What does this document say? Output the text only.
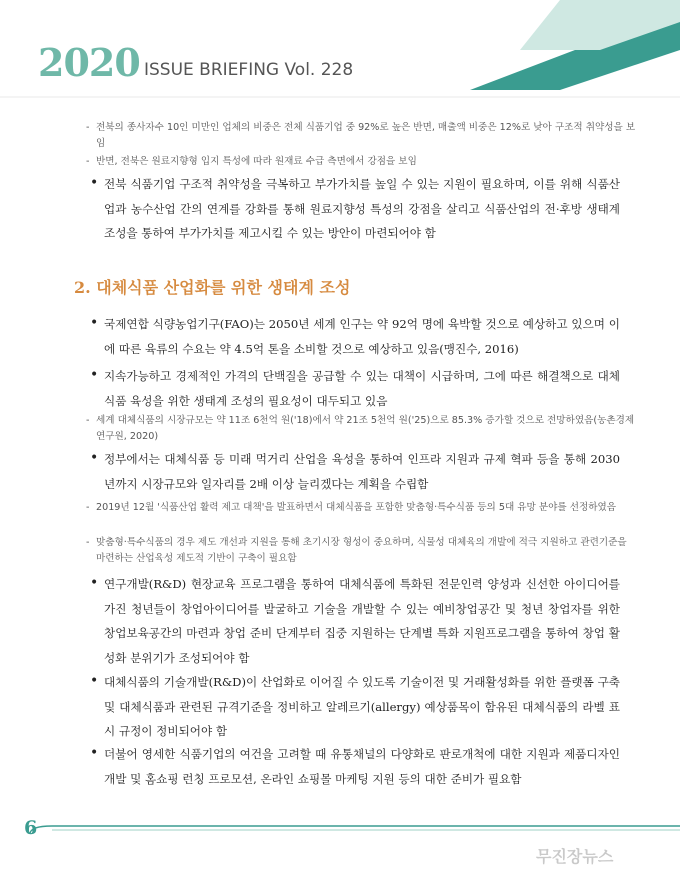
2020 ISSUE BRIEFING Vol. 228
- 전북의 종사자수 10인 미만인 업체의 비중은 전체 식품기업 중 92%로 높은 반면, 매출액 비중은 12%로 낮아 구조적 취약성을 보임
- 반면, 전북은 원료지향형 입지 특성에 따라 원재료 수급 측면에서 강점을 보임
• 전북 식품기업 구조적 취약성을 극복하고 부가가치를 높일 수 있는 지원이 필요하며, 이를 위해 식품산업과 농수산업 간의 연계를 강화를 통해 원료지향성 특성의 강점을 살리고 식품산업의 전·후방 생태계 조성을 통하여 부가가치를 제고시킬 수 있는 방안이 마련되어야 함
2. 대체식품 산업화를 위한 생태계 조성
• 국제연합 식량농업기구(FAO)는 2050년 세계 인구는 약 92억 명에 육박할 것으로 예상하고 있으며 이에 따른 육류의 수요는 약 4.5억 톤을 소비할 것으로 예상하고 있음(맹진수, 2016)
• 지속가능하고 경제적인 가격의 단백질을 공급할 수 있는 대책이 시급하며, 그에 따른 해결책으로 대체식품 육성을 위한 생태계 조성의 필요성이 대두되고 있음
- 세계 대체식품의 시장규모는 약 11조 6천억 원('18)에서 약 21조 5천억 원('25)으로 85.3% 증가할 것으로 전망하였음(농촌경제연구원, 2020)
• 정부에서는 대체식품 등 미래 먹거리 산업을 육성을 통하여 인프라 지원과 규제 혁파 등을 통해 2030년까지 시장규모와 일자리를 2배 이상 늘리겠다는 계획을 수립함
- 2019년 12월 '식품산업 활력 제고 대책'을 발표하면서 대체식품을 포함한 맞춤형·특수식품 등의 5대 유망 분야를 선정하였음
- 맞춤형·특수식품의 경우 제도 개선과 지원을 통해 초기시장 형성이 중요하며, 식물성 대체육의 개발에 적극 지원하고 관련기준을 마련하는 산업육성 제도적 기반이 구축이 필요함
• 연구개발(R&D) 현장교육 프로그램을 통하여 대체식품에 특화된 전문인력 양성과 신선한 아이디어를 가진 청년들이 창업아이디어를 발굴하고 기술을 개발할 수 있는 예비창업공간 및 청년 창업자를 위한 창업보육공간의 마련과 창업 준비 단계부터 집중 지원하는 단계별 특화 지원프로그램을 통하여 창업 활성화 분위기가 조성되어야 함
• 대체식품의 기술개발(R&D)이 산업화로 이어질 수 있도록 기술이전 및 거래활성화를 위한 플랫폼 구축 및 대체식품과 관련된 규격기준을 정비하고 알레르기(allergy) 예상품목이 함유된 대체식품의 라벨 표시 규정이 정비되어야 함
• 더불어 영세한 식품기업의 여건을 고려할 때 유통채널의 다양화로 판로개척에 대한 지원과 제품디자인 개발 및 홈쇼핑 런칭 프로모션, 온라인 쇼핑몰 마케팅 지원 등의 대한 준비가 필요함
6
무진장뉴스
